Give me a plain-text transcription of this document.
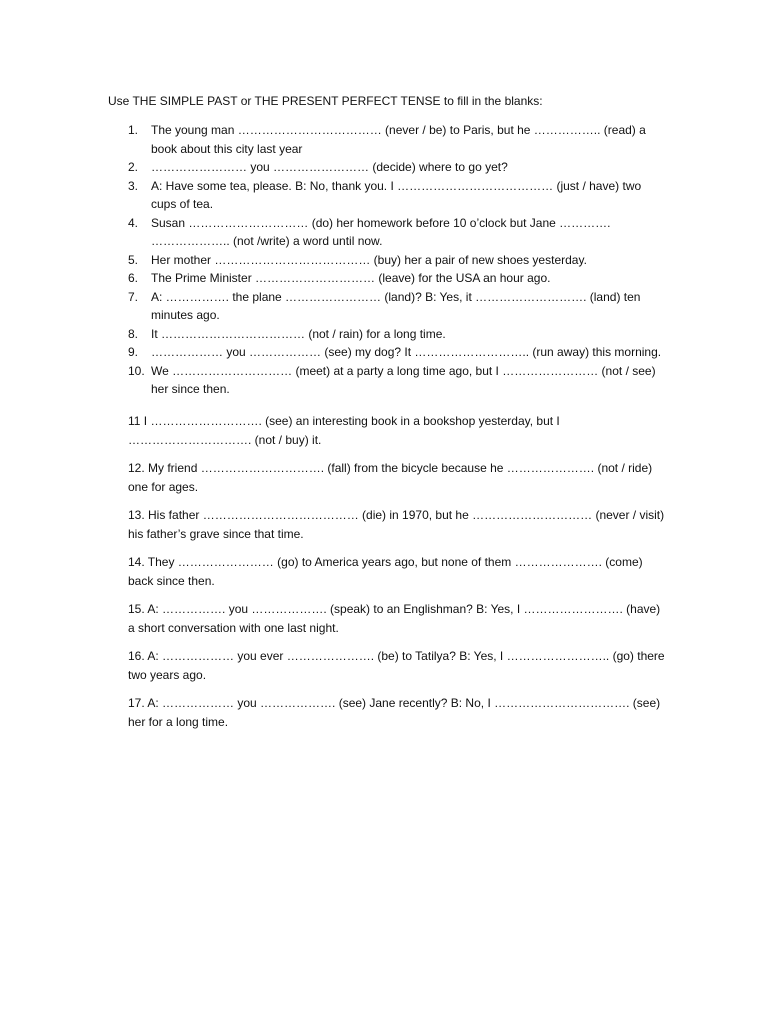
Use THE SIMPLE PAST or THE PRESENT PERFECT TENSE to fill in the blanks:
1.	The young man ……………………………… (never / be) to Paris, but he …………….. (read) a book about this city last year
2.	…………………… you …………………… (decide) where to go yet?
3.	A: Have some tea, please. B: No, thank you. I ………………………………… (just / have) two cups of tea.
4.	Susan ………………………… (do) her homework before 10 o’clock but Jane …………. ……………….. (not /write) a word until now.
5.	Her mother ………………………………… (buy) her a pair of new shoes yesterday.
6.	The Prime Minister ………………………… (leave) for the USA an hour ago.
7.	A: ……………. the plane …………………… (land)? B: Yes, it ………………………. (land) ten minutes ago.
8.	It ……………………………… (not / rain) for a long time.
9.	……………… you ……………… (see) my dog? It ……………………….. (run away) this morning.
10. We ………………………… (meet) at a party a long time ago, but I …………………… (not / see) her since then.
11 I ………………………. (see) an interesting book in a bookshop yesterday, but I …………………………. (not / buy) it.
12. My friend …………………………. (fall) from the bicycle because he …………………. (not / ride) one for ages.
13. His father ………………………………… (die) in 1970, but he ………………………… (never / visit) his father’s grave since that time.
14. They …………………… (go) to America years ago, but none of them …………………. (come) back since then.
15. A: ……………. you ………………. (speak) to an Englishman? B: Yes, I ……………………. (have) a short conversation with one last night.
16. A: ……………… you ever …………………. (be) to Tatilya? B: Yes, I …………………….. (go) there two years ago.
17. A: ……………… you ………………. (see) Jane recently? B: No, I ……………………………. (see) her for a long time.
